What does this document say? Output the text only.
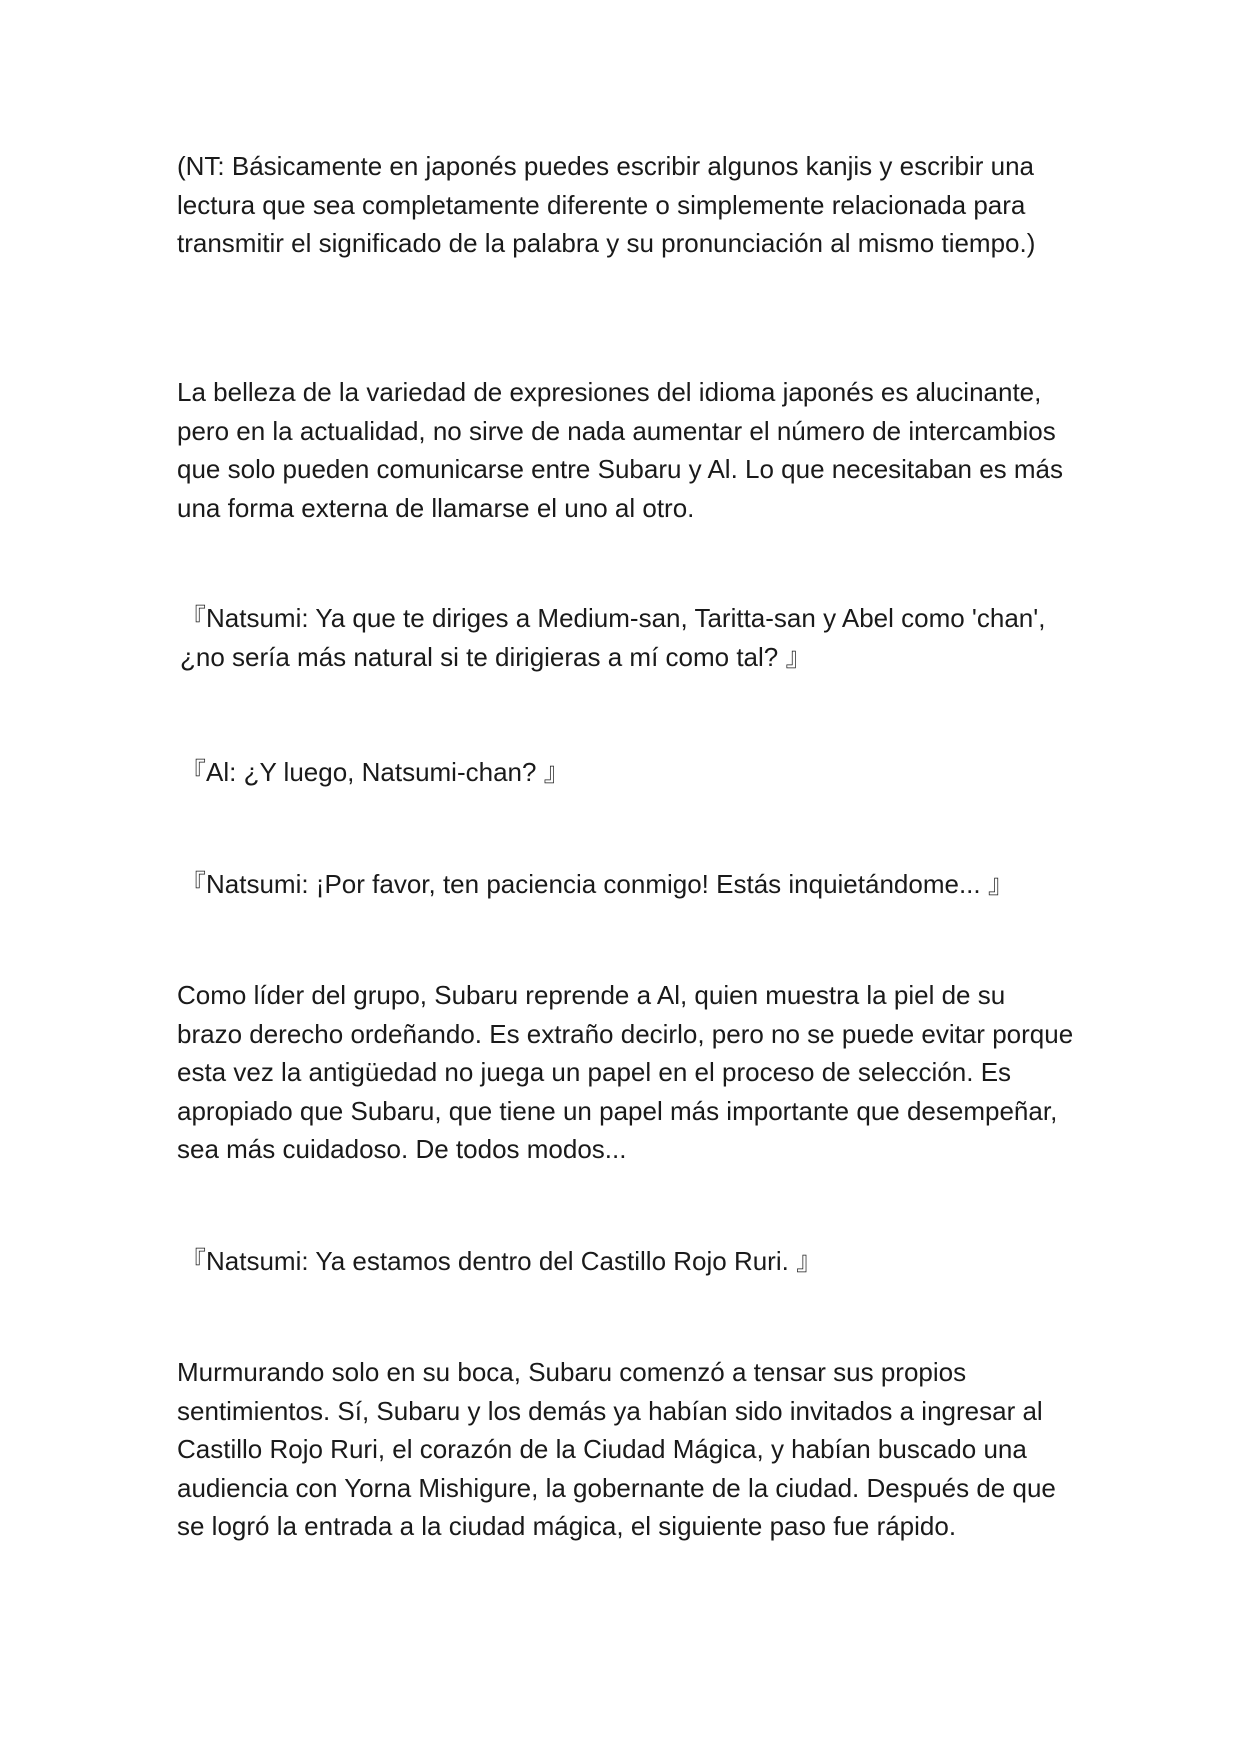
(NT: Básicamente en japonés puedes escribir algunos kanjis y escribir una lectura que sea completamente diferente o simplemente relacionada para transmitir el significado de la palabra y su pronunciación al mismo tiempo.)

La belleza de la variedad de expresiones del idioma japonés es alucinante, pero en la actualidad, no sirve de nada aumentar el número de intercambios que solo pueden comunicarse entre Subaru y Al. Lo que necesitaban es más una forma externa de llamarse el uno al otro.

『Natsumi: Ya que te diriges a Medium-san, Taritta-san y Abel como 'chan', ¿no sería más natural si te dirigieras a mí como tal? 』

『Al: ¿Y luego, Natsumi-chan? 』

『Natsumi: ¡Por favor, ten paciencia conmigo! Estás inquietándome... 』

Como líder del grupo, Subaru reprende a Al, quien muestra la piel de su brazo derecho ordeñando. Es extraño decirlo, pero no se puede evitar porque esta vez la antigüedad no juega un papel en el proceso de selección. Es apropiado que Subaru, que tiene un papel más importante que desempeñar, sea más cuidadoso. De todos modos...

『Natsumi: Ya estamos dentro del Castillo Rojo Ruri. 』

Murmurando solo en su boca, Subaru comenzó a tensar sus propios sentimientos. Sí, Subaru y los demás ya habían sido invitados a ingresar al Castillo Rojo Ruri, el corazón de la Ciudad Mágica, y habían buscado una audiencia con Yorna Mishigure, la gobernante de la ciudad. Después de que se logró la entrada a la ciudad mágica, el siguiente paso fue rápido.
